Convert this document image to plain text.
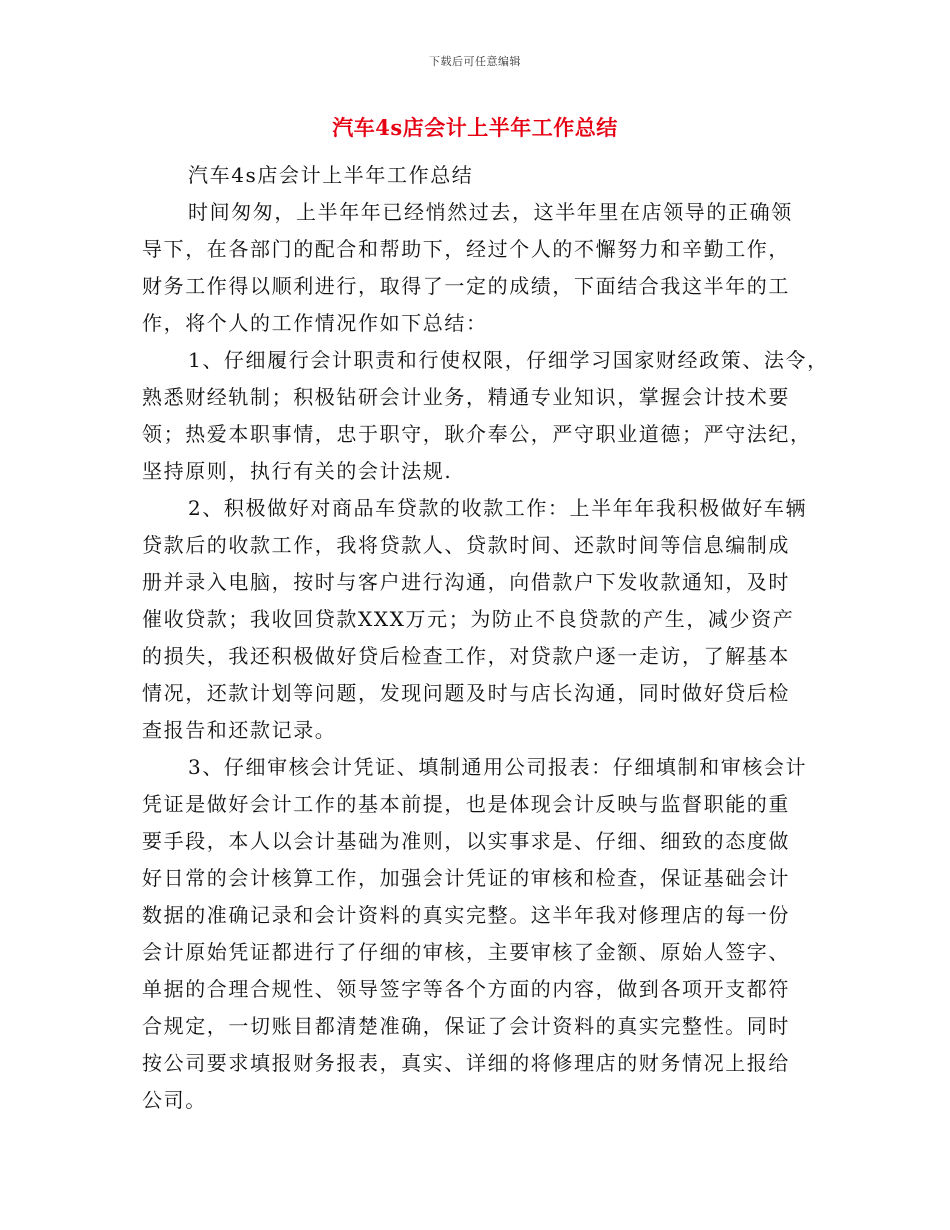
下载后可任意编辑
汽车4s店会计上半年工作总结
汽车4s店会计上半年工作总结
时间匆匆，上半年年已经悄然过去，这半年里在店领导的正确领
导下，在各部门的配合和帮助下，经过个人的不懈努力和辛勤工作，
财务工作得以顺利进行，取得了一定的成绩，下面结合我这半年的工
作，将个人的工作情况作如下总结：
1、仔细履行会计职责和行使权限，仔细学习国家财经政策、法令，
熟悉财经轨制；积极钻研会计业务，精通专业知识，掌握会计技术要
领；热爱本职事情，忠于职守，耿介奉公，严守职业道德；严守法纪，
坚持原则，执行有关的会计法规.
2、积极做好对商品车贷款的收款工作：上半年年我积极做好车辆
贷款后的收款工作，我将贷款人、贷款时间、还款时间等信息编制成
册并录入电脑，按时与客户进行沟通，向借款户下发收款通知，及时
催收贷款；我收回贷款XXX万元；为防止不良贷款的产生，减少资产
的损失，我还积极做好贷后检查工作，对贷款户逐一走访，了解基本
情况，还款计划等问题，发现问题及时与店长沟通，同时做好贷后检
查报告和还款记录。
3、仔细审核会计凭证、填制通用公司报表：仔细填制和审核会计
凭证是做好会计工作的基本前提，也是体现会计反映与监督职能的重
要手段，本人以会计基础为准则，以实事求是、仔细、细致的态度做
好日常的会计核算工作，加强会计凭证的审核和检查，保证基础会计
数据的准确记录和会计资料的真实完整。这半年我对修理店的每一份
会计原始凭证都进行了仔细的审核，主要审核了金额、原始人签字、
单据的合理合规性、领导签字等各个方面的内容，做到各项开支都符
合规定，一切账目都清楚准确，保证了会计资料的真实完整性。同时
按公司要求填报财务报表，真实、详细的将修理店的财务情况上报给
公司。
